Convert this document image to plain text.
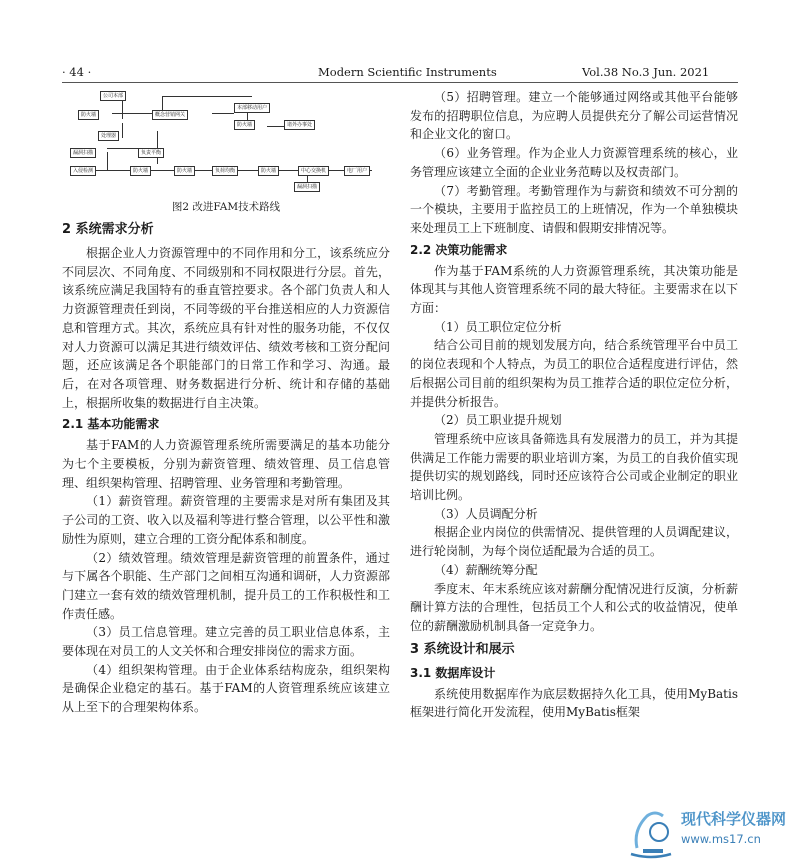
· 44 ·	Modern Scientific Instruments	Vol.38 No.3 Jun. 2021
公司本部
防火墙	概念营销网关
本部移动用户
防火墙	诸外办事处
处理器
漏洞扫描	负责平衡
入侵检测	防火墙	防火墙	负荷均衡	防火墙	中心交换机	电厂用户
漏洞扫描
图2 改进FAM技术路线
2 系统需求分析

根据企业人力资源管理中的不同作用和分工，该系统应分不同层次、不同角度、不同级别和不同权限进行分层。首先，该系统应满足我国特有的垂直管控要求。各个部门负责人和人力资源管理责任到岗，不同等级的平台推送相应的人力资源信息和管理方式。其次，系统应具有针对性的服务功能，不仅仅对人力资源可以满足其进行绩效评估、绩效考核和工资分配问题，还应该满足各个职能部门的日常工作和学习、沟通。最后，在对各项管理、财务数据进行分析、统计和存储的基础上，根据所收集的数据进行自主决策。

2.1 基本功能需求

基于FAM的人力资源管理系统所需要满足的基本功能分为七个主要模板，分别为薪资管理、绩效管理、员工信息管理、组织架构管理、招聘管理、业务管理和考勤管理。

（1）薪资管理。薪资管理的主要需求是对所有集团及其子公司的工资、收入以及福利等进行整合管理，以公平性和激励性为原则，建立合理的工资分配体系和制度。

（2）绩效管理。绩效管理是薪资管理的前置条件，通过与下属各个职能、生产部门之间相互沟通和调研，人力资源部门建立一套有效的绩效管理机制，提升员工的工作积极性和工作责任感。

（3）员工信息管理。建立完善的员工职业信息体系，主要体现在对员工的人文关怀和合理安排岗位的需求方面。

（4）组织架构管理。由于企业体系结构庞杂，组织架构是确保企业稳定的基石。基于FAM的人资管理系统应该建立从上至下的合理架构体系。

（5）招聘管理。建立一个能够通过网络或其他平台能够发布的招聘职位信息，为应聘人员提供充分了解公司运营情况和企业文化的窗口。

（6）业务管理。作为企业人力资源管理系统的核心，业务管理应该建立全面的企业业务范畴以及权责部门。

（7）考勤管理。考勤管理作为与薪资和绩效不可分割的一个模块，主要用于监控员工的上班情况，作为一个单独模块来处理员工上下班制度、请假和假期安排情况等。

2.2 决策功能需求

作为基于FAM系统的人力资源管理系统，其决策功能是体现其与其他人资管理系统不同的最大特征。主要需求在以下方面：

（1）员工职位定位分析

结合公司目前的规划发展方向，结合系统管理平台中员工的岗位表现和个人特点，为员工的职位合适程度进行评估，然后根据公司目前的组织架构为员工推荐合适的职位定位分析，并提供分析报告。

（2）员工职业提升规划

管理系统中应该具备筛选具有发展潜力的员工，并为其提供满足工作能力需要的职业培训方案，为员工的自我价值实现提供切实的规划路线，同时还应该符合公司或企业制定的职业培训比例。

（3）人员调配分析

根据企业内岗位的供需情况、提供管理的人员调配建议，进行轮岗制，为每个岗位适配最为合适的员工。

（4）薪酬统筹分配

季度末、年末系统应该对薪酬分配情况进行反演，分析薪酬计算方法的合理性，包括员工个人和公式的收益情况，使单位的薪酬激励机制具备一定竞争力。

3 系统设计和展示
3.1 数据库设计

系统使用数据库作为底层数据持久化工具，使用MyBatis框架进行简化开发流程，使用MyBatis框架

现代科学仪器网
www.ms17.cn
